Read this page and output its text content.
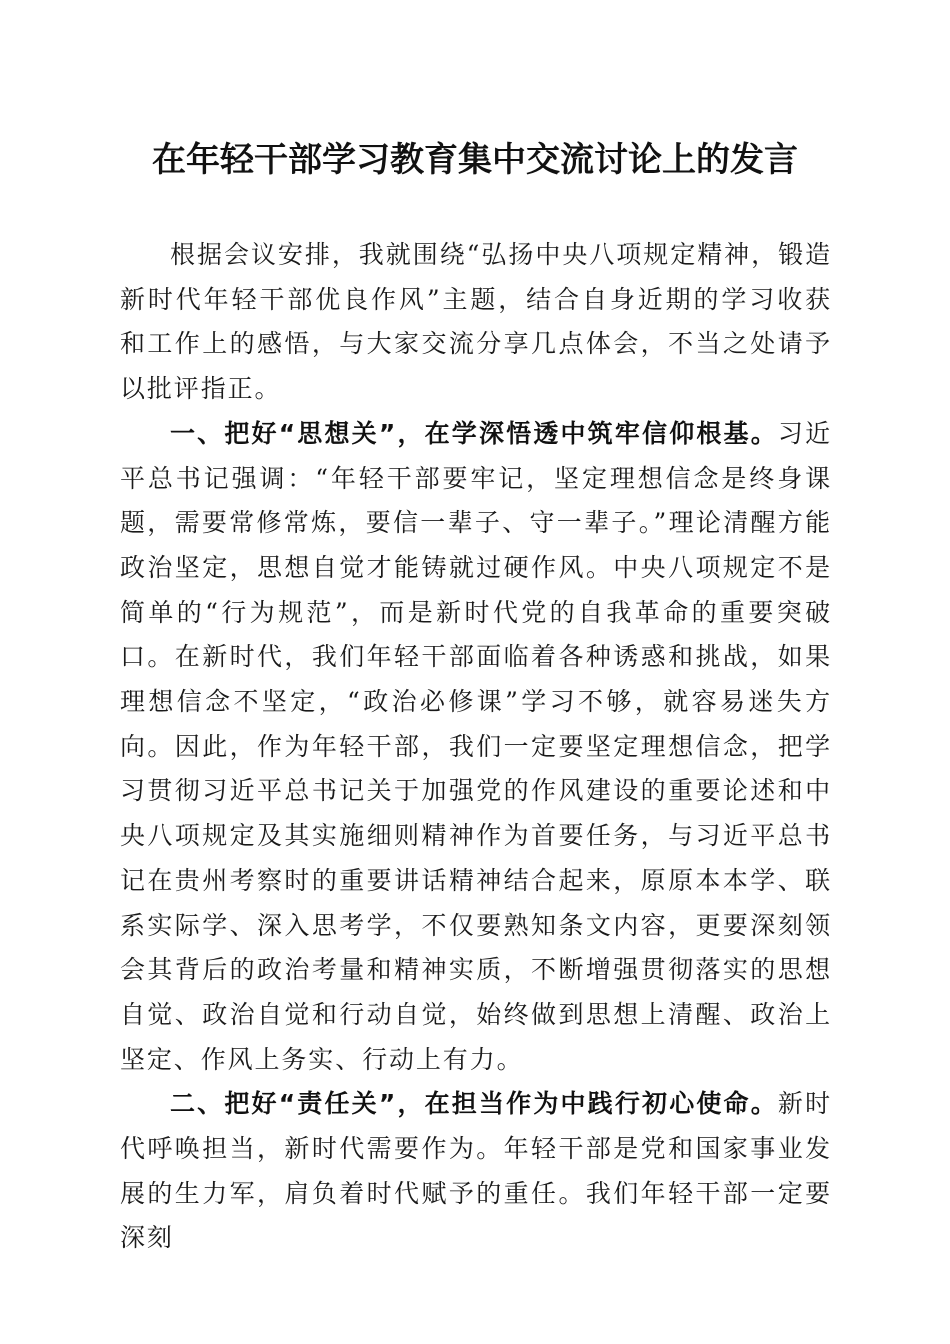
在年轻干部学习教育集中交流讨论上的发言

根据会议安排，我就围绕“弘扬中央八项规定精神，锻造新时代年轻干部优良作风”主题，结合自身近期的学习收获和工作上的感悟，与大家交流分享几点体会，不当之处请予以批评指正。

一、把好“思想关”，在学深悟透中筑牢信仰根基。习近平总书记强调：“年轻干部要牢记，坚定理想信念是终身课题，需要常修常炼，要信一辈子、守一辈子。”理论清醒方能政治坚定，思想自觉才能铸就过硬作风。中央八项规定不是简单的“行为规范”，而是新时代党的自我革命的重要突破口。在新时代，我们年轻干部面临着各种诱惑和挑战，如果理想信念不坚定，“政治必修课”学习不够，就容易迷失方向。因此，作为年轻干部，我们一定要坚定理想信念，把学习贯彻习近平总书记关于加强党的作风建设的重要论述和中央八项规定及其实施细则精神作为首要任务，与习近平总书记在贵州考察时的重要讲话精神结合起来，原原本本学、联系实际学、深入思考学，不仅要熟知条文内容，更要深刻领会其背后的政治考量和精神实质，不断增强贯彻落实的思想自觉、政治自觉和行动自觉，始终做到思想上清醒、政治上坚定、作风上务实、行动上有力。

二、把好“责任关”，在担当作为中践行初心使命。新时代呼唤担当，新时代需要作为。年轻干部是党和国家事业发展的生力军，肩负着时代赋予的重任。我们年轻干部一定要深刻
